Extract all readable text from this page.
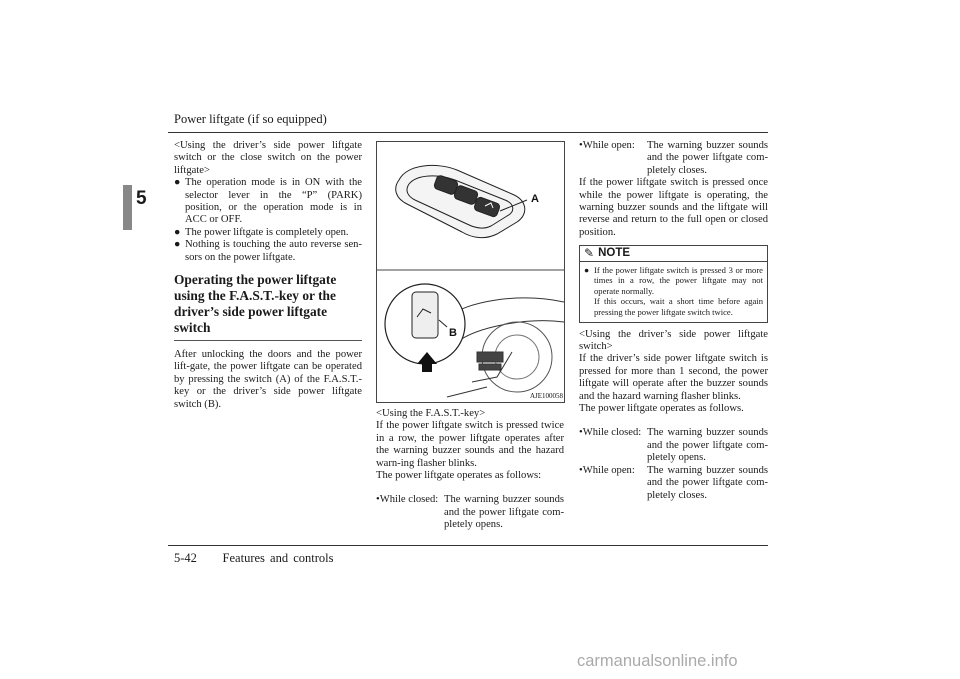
Power liftgate (if so equipped)
5

<Using the driver’s side power liftgate switch or the close switch on the power liftgate>

● The operation mode is in ON with the selector lever in the “P” (PARK) position, or the operation mode is in ACC or OFF.
● The power liftgate is completely open.
● Nothing is touching the auto reverse sen-sors on the power liftgate.
Operating the power liftgate using the F.A.S.T.-key or the driver’s side power liftgate switch

After unlocking the doors and the power lift-gate, the power liftgate can be operated by pressing the switch (A) of the F.A.S.T.-key or the driver’s side power liftgate switch (B).

A
B
AJE100058

<Using the F.A.S.T.-key>

If the power liftgate switch is pressed twice in a row, the power liftgate operates after the warning buzzer sounds and the hazard warn-ing flasher blinks.

The power liftgate operates as follows:

•While closed: The warning buzzer sounds and the power liftgate com-pletely opens.
•While open:	The warning buzzer sounds and the power liftgate com-pletely closes.

If the power liftgate switch is pressed once while the power liftgate is operating, the warning buzzer sounds and the liftgate will reverse and return to the full open or closed position.

✎ NOTE
● If the power liftgate switch is pressed 3 or more times in a row, the power liftgate may not operate normally.
If this occurs, wait a short time before again pressing the power liftgate switch twice.

<Using the driver’s side power liftgate switch>

If the driver’s side power liftgate switch is pressed for more than 1 second, the power liftgate will operate after the buzzer sounds and the hazard warning flasher blinks.

The power liftgate operates as follows.

•While closed: The warning buzzer sounds and the power liftgate com-pletely opens.
•While open:	The warning buzzer sounds and the power liftgate com-pletely closes.
5-42 Features and controls
carmanualsonline.info
